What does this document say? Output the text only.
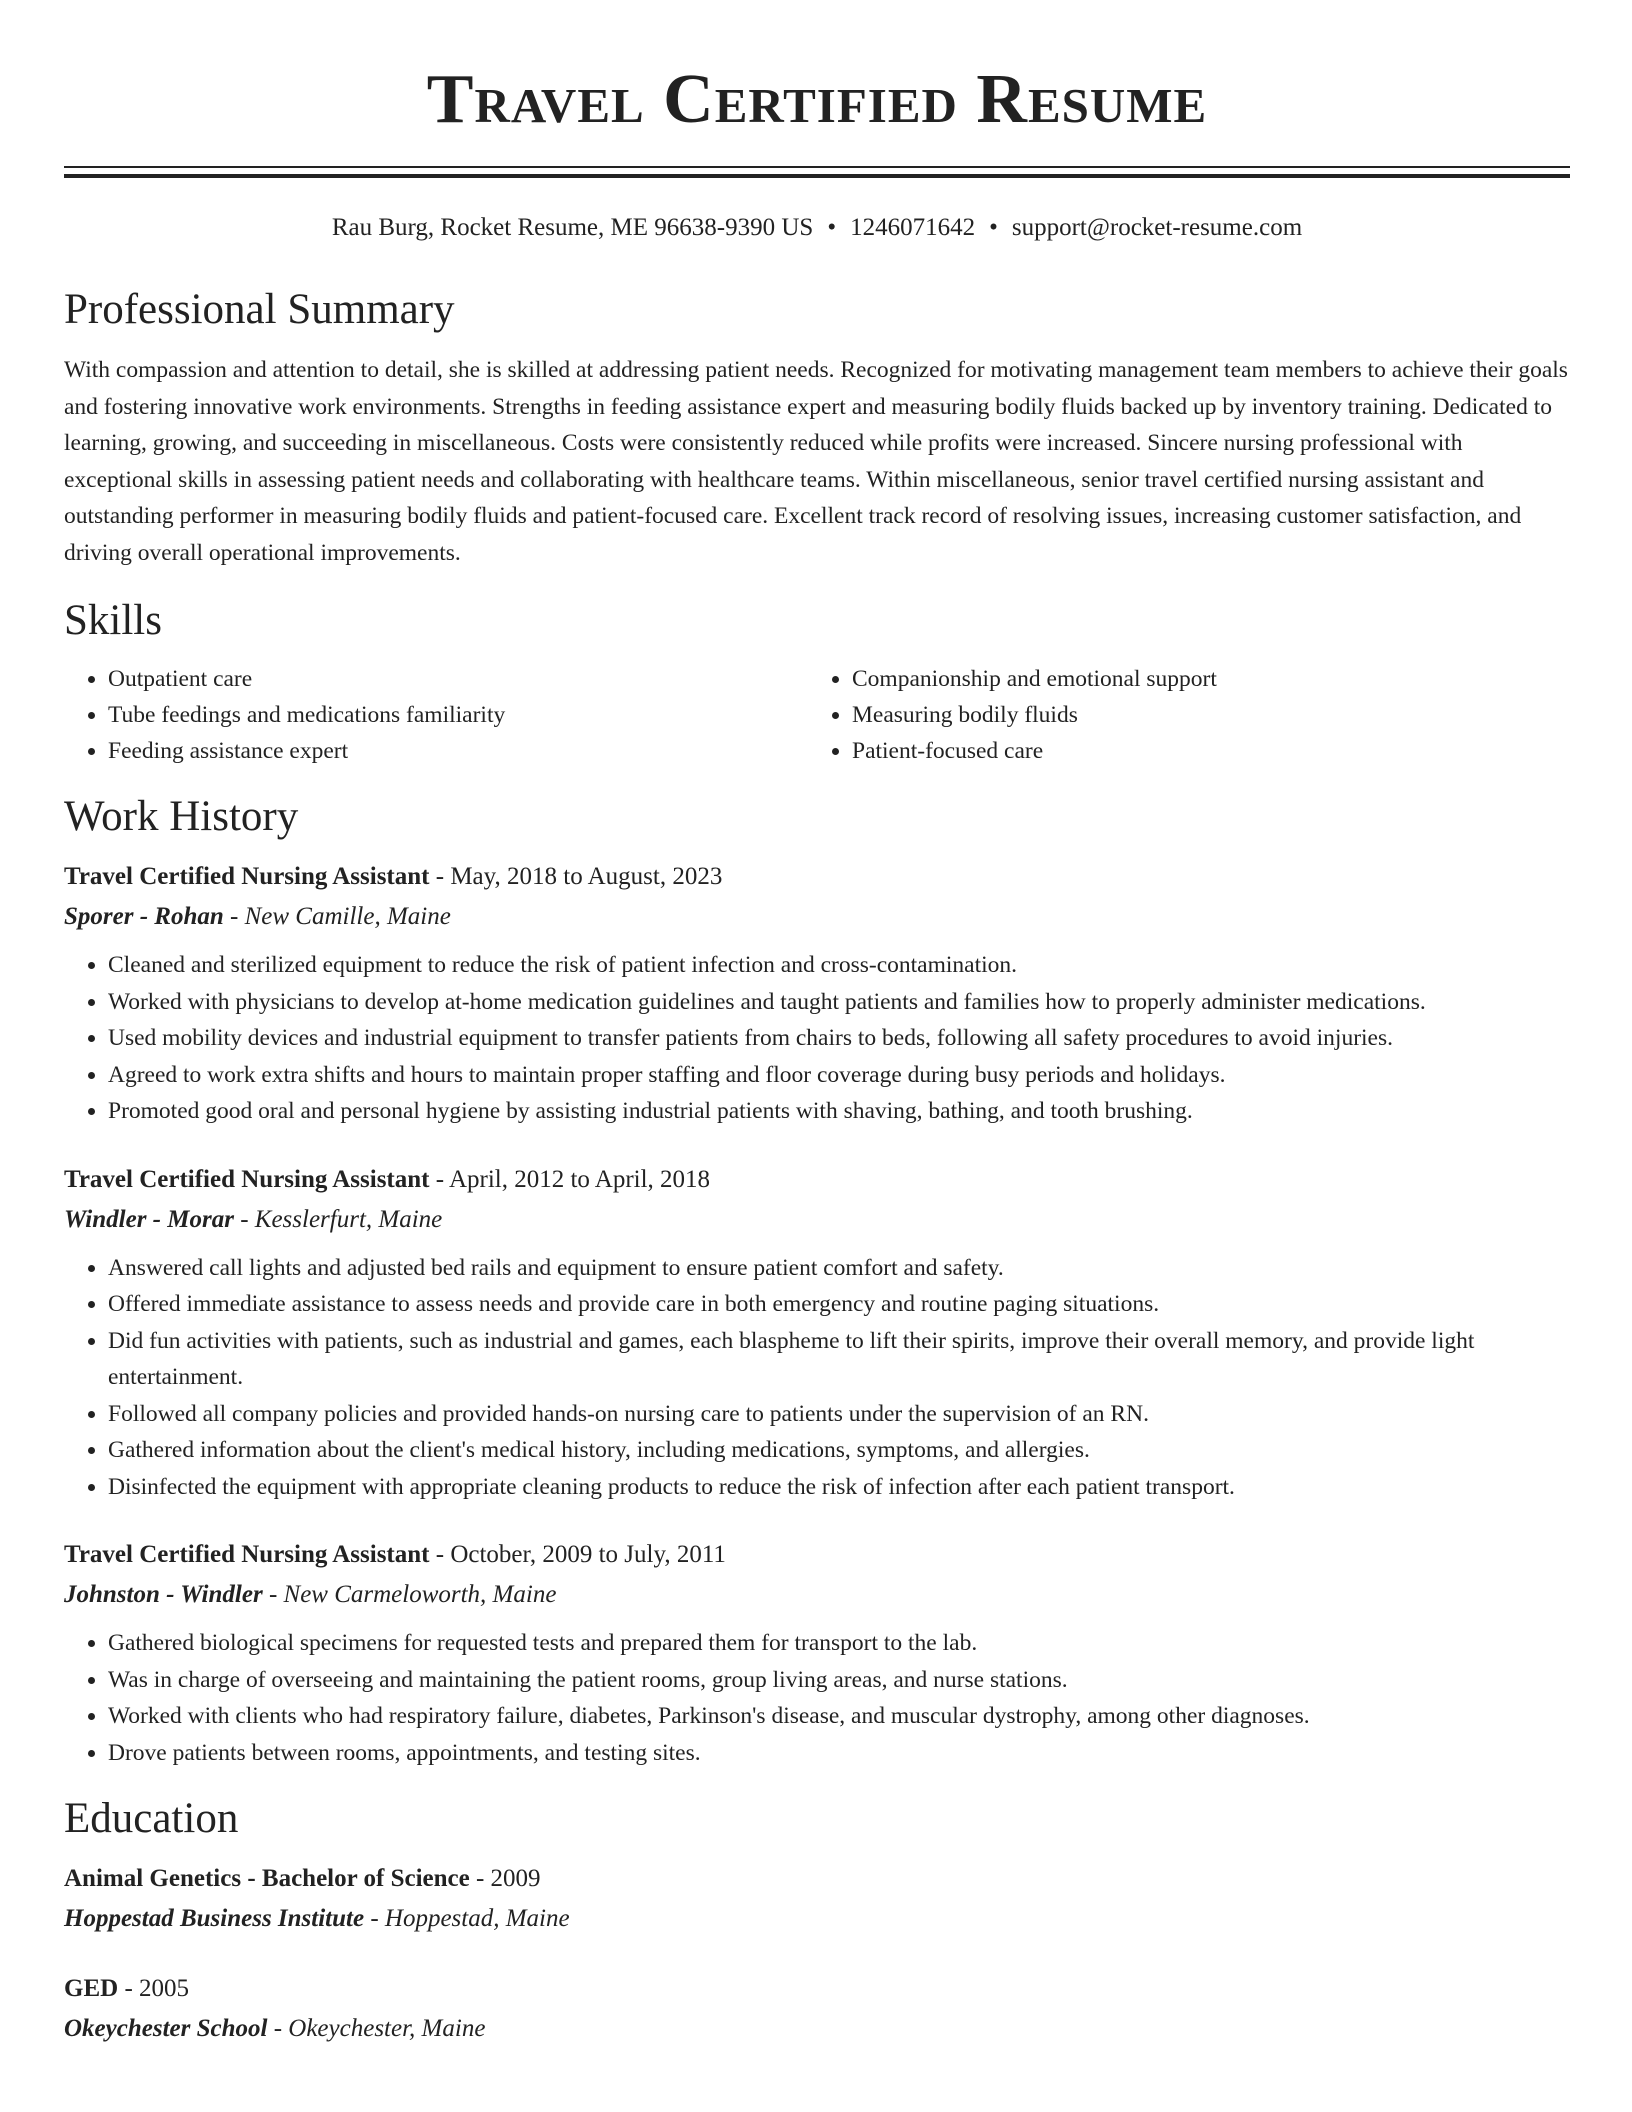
Travel Certified Resume
Rau Burg, Rocket Resume, ME 96638-9390 US • 1246071642 • support@rocket-resume.com
Professional Summary
With compassion and attention to detail, she is skilled at addressing patient needs. Recognized for motivating management team members to achieve their goals and fostering innovative work environments. Strengths in feeding assistance expert and measuring bodily fluids backed up by inventory training. Dedicated to learning, growing, and succeeding in miscellaneous. Costs were consistently reduced while profits were increased. Sincere nursing professional with exceptional skills in assessing patient needs and collaborating with healthcare teams. Within miscellaneous, senior travel certified nursing assistant and outstanding performer in measuring bodily fluids and patient-focused care. Excellent track record of resolving issues, increasing customer satisfaction, and driving overall operational improvements.
Skills
• Outpatient care
• Tube feedings and medications familiarity
• Feeding assistance expert
• Companionship and emotional support
• Measuring bodily fluids
• Patient-focused care
Work History
Travel Certified Nursing Assistant - May, 2018 to August, 2023
Sporer - Rohan - New Camille, Maine
• Cleaned and sterilized equipment to reduce the risk of patient infection and cross-contamination.
• Worked with physicians to develop at-home medication guidelines and taught patients and families how to properly administer medications.
• Used mobility devices and industrial equipment to transfer patients from chairs to beds, following all safety procedures to avoid injuries.
• Agreed to work extra shifts and hours to maintain proper staffing and floor coverage during busy periods and holidays.
• Promoted good oral and personal hygiene by assisting industrial patients with shaving, bathing, and tooth brushing.
Travel Certified Nursing Assistant - April, 2012 to April, 2018
Windler - Morar - Kesslerfurt, Maine
• Answered call lights and adjusted bed rails and equipment to ensure patient comfort and safety.
• Offered immediate assistance to assess needs and provide care in both emergency and routine paging situations.
• Did fun activities with patients, such as industrial and games, each blaspheme to lift their spirits, improve their overall memory, and provide light entertainment.
• Followed all company policies and provided hands-on nursing care to patients under the supervision of an RN.
• Gathered information about the client's medical history, including medications, symptoms, and allergies.
• Disinfected the equipment with appropriate cleaning products to reduce the risk of infection after each patient transport.
Travel Certified Nursing Assistant - October, 2009 to July, 2011
Johnston - Windler - New Carmeloworth, Maine
• Gathered biological specimens for requested tests and prepared them for transport to the lab.
• Was in charge of overseeing and maintaining the patient rooms, group living areas, and nurse stations.
• Worked with clients who had respiratory failure, diabetes, Parkinson's disease, and muscular dystrophy, among other diagnoses.
• Drove patients between rooms, appointments, and testing sites.
Education
Animal Genetics - Bachelor of Science - 2009
Hoppestad Business Institute - Hoppestad, Maine
GED - 2005
Okeychester School - Okeychester, Maine
